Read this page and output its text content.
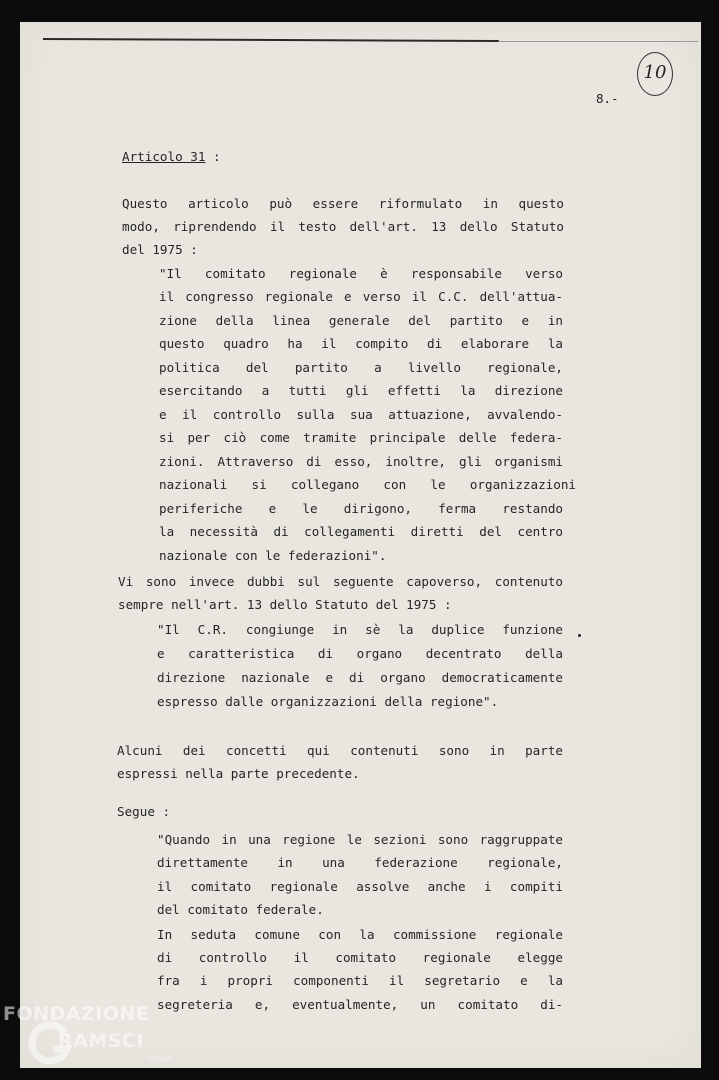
10
8.-
Articolo 31 :
Questo articolo può essere riformulato in questo
modo, riprendendo il testo dell'art. 13 dello Statuto
del 1975 :
"Il comitato regionale è responsabile verso
il congresso regionale e verso il C.C. dell'attua-
zione della linea generale del partito e in
questo quadro ha il compito di elaborare la
politica del partito a livello regionale,
esercitando a tutti gli effetti la direzione
e il controllo sulla sua attuazione, avvalendo-
si per ciò come tramite principale delle federa-
zioni. Attraverso di esso, inoltre, gli organismi
nazionali si collegano con le organizzazioni
periferiche e le dirigono, ferma restando
la necessità di collegamenti diretti del centro
nazionale con le federazioni".
Vi sono invece dubbi sul seguente capoverso, contenuto
sempre nell'art. 13 dello Statuto del 1975 :
"Il C.R. congiunge in sè la duplice funzione
e caratteristica di organo decentrato della
direzione nazionale e di organo democraticamente
espresso dalle organizzazioni della regione".
Alcuni dei concetti qui contenuti sono in parte
espressi nella parte precedente.
Segue :
"Quando in una regione le sezioni sono raggruppate
direttamente in una federazione regionale,
il comitato regionale assolve anche i compiti
del comitato federale.
In seduta comune con la commissione regionale
di controllo il comitato regionale elegge
fra i propri componenti il segretario e la
segreteria e, eventualmente, un comitato di-
FONDAZIONE
RAMSCI
onlus
